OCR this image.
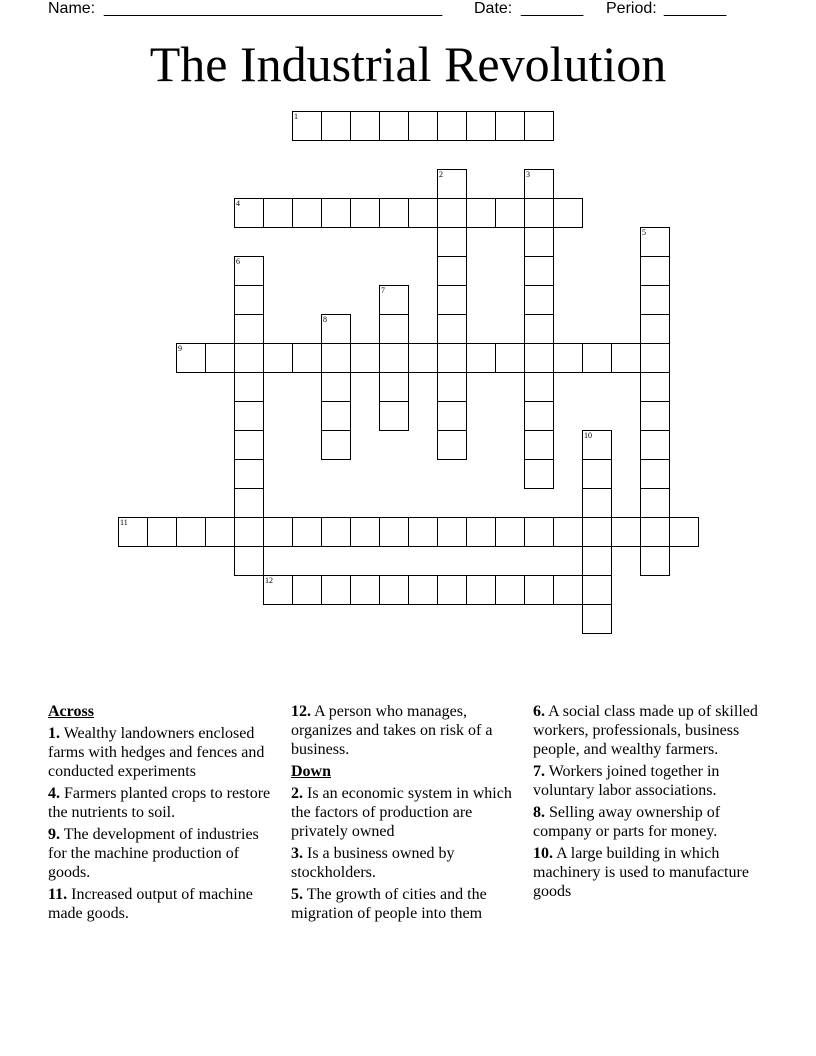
Name: ______________________________________ Date: _______ Period: _______
The Industrial Revolution
1
2	3
4
5
6
7
8
9
10
11
12
Across
1. Wealthy landowners enclosed farms with hedges and fences and conducted experiments
4. Farmers planted crops to restore the nutrients to soil.
9. The development of industries for the machine production of goods.
11. Increased output of machine made goods.
12. A person who manages, organizes and takes on risk of a business.
Down
2. Is an economic system in which the factors of production are privately owned
3. Is a business owned by stockholders.
5. The growth of cities and the migration of people into them
6. A social class made up of skilled workers, professionals, business people, and wealthy farmers.
7. Workers joined together in voluntary labor associations.
8. Selling away ownership of company or parts for money.
10. A large building in which machinery is used to manufacture goods
